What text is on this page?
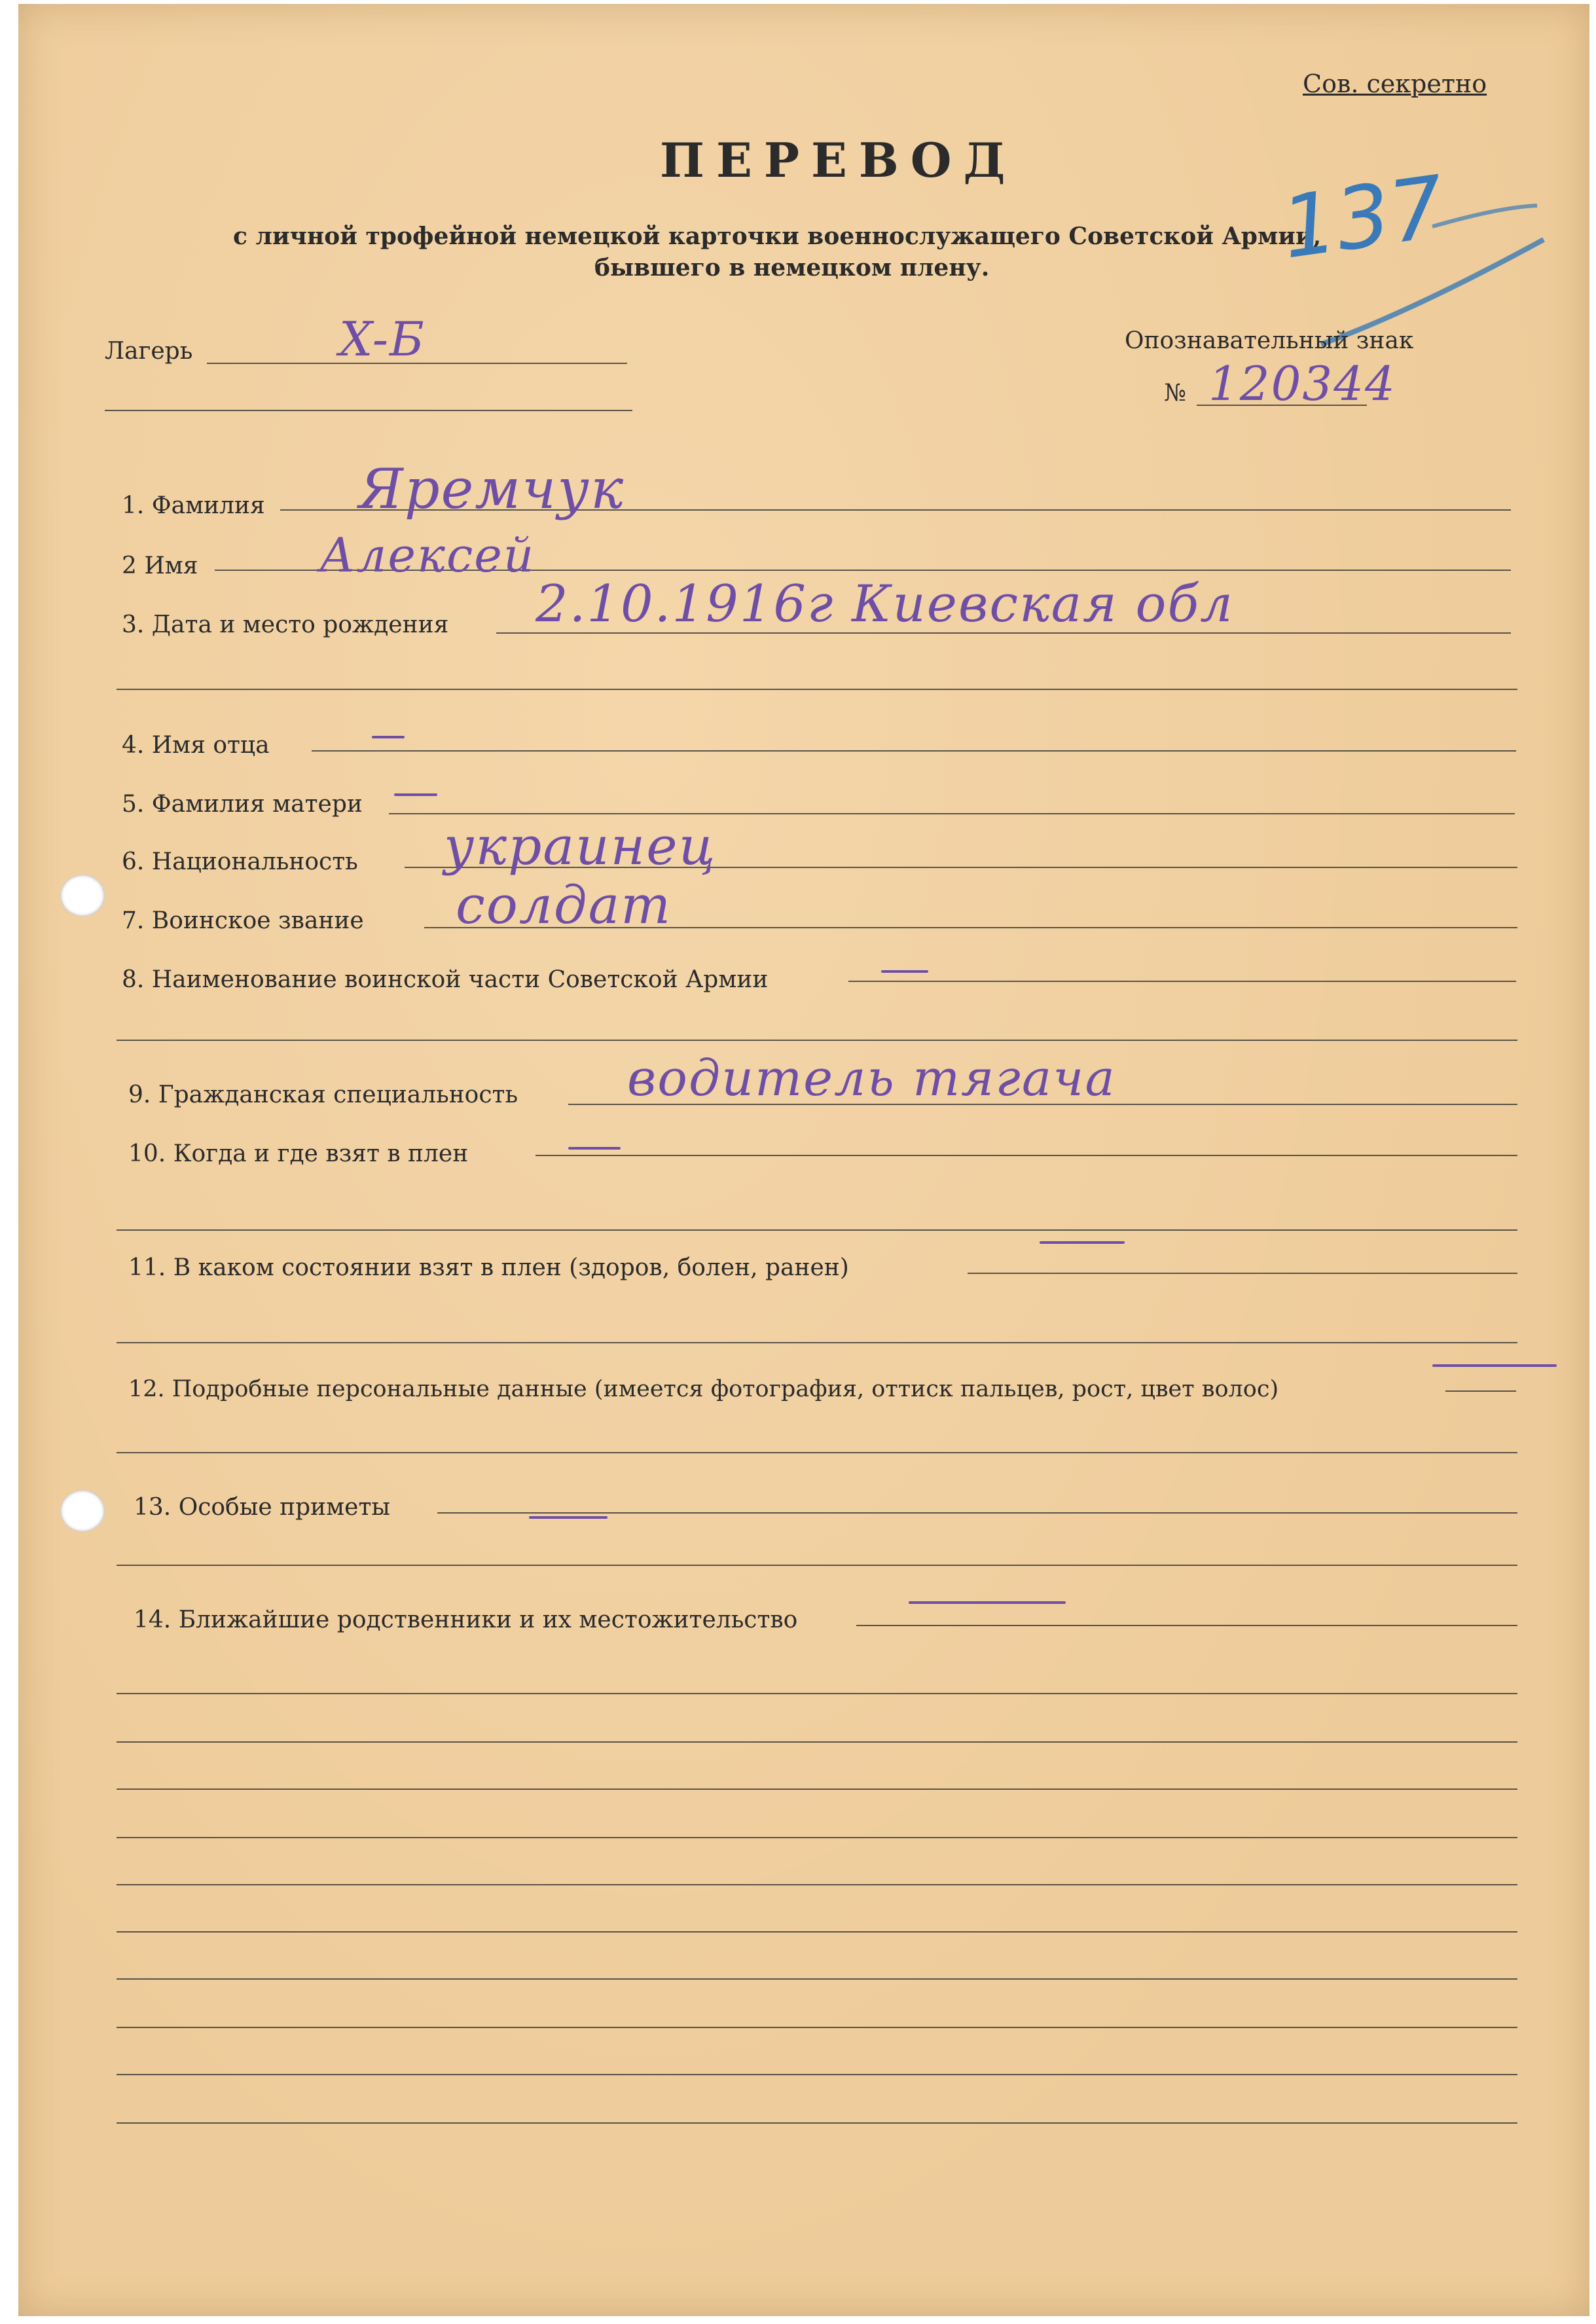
Сов. секретно
ПЕРЕВОД
с личной трофейной немецкой карточки военнослужащего Советской Армии,
бывшего в немецком плену.	137
Лагерь	X-Б	Опознавательный знак
№ 120344
1. Фамилия Яремчук
2 Имя	Алексей
3. Дата и место рождения 2.10.1916г Киевская обл
4. Имя отца
5. Фамилия матери
6. Национальность украинец
7. Воинское звание солдат
8. Наименование воинской части Советской Армии
9. Гражданская специальность водитель тягача
10. Когда и где взят в плен
11. В каком состоянии взят в плен (здоров, болен, ранен)
12. Подробные персональные данные (имеется фотография, оттиск пальцев, рост, цвет волос)
13. Особые приметы
14. Ближайшие родственники и их местожительство
